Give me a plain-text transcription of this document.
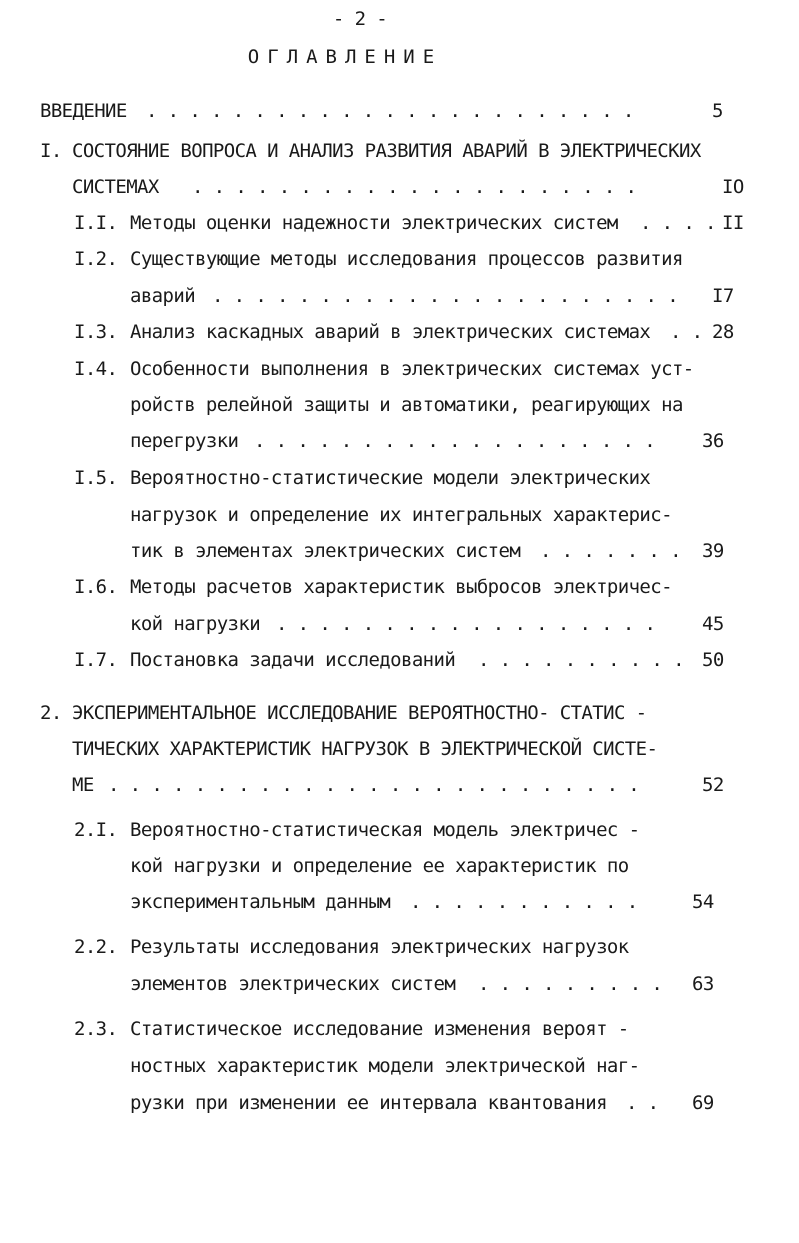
- 2 -
ОГЛАВЛЕНИЕ
ВВЕДЕНИЕ . . . . . . . . . . . . . . . . . . . . . . .	5
I. СОСТОЯНИЕ ВОПРОСА И АНАЛИЗ РАЗВИТИЯ АВАРИЙ В ЭЛЕКТРИЧЕСКИХ
СИСТЕМАХ . . . . . . . . . . . . . . . . . . . . .	IO
I.I. Методы оценки надежности электрических систем . . . . II
I.2. Существующие методы исследования процессов развития
аварий . . . . . . . . . . . . . . . . . . . . . . I7
I.3. Анализ каскадных аварий в электрических системах . . 28
I.4. Особенности выполнения в электрических системах уст-
ройств релейной защиты и автоматики, реагирующих на
перегрузки . . . . . . . . . . . . . . . . . . . 36
I.5. Вероятностно-статистические модели электрических
нагрузок и определение их интегральных характерис-
тик в элементах электрических систем . . . . . . . 39
I.6. Методы расчетов характеристик выбросов электричес-
кой нагрузки . . . . . . . . . . . . . . . . . . 45
I.7. Постановка задачи исследований . . . . . . . . . . 50
2. ЭКСПЕРИМЕНТАЛЬНОЕ ИССЛЕДОВАНИЕ ВЕРОЯТНОСТНО- СТАТИС -
ТИЧЕСКИХ ХАРАКТЕРИСТИК НАГРУЗОК В ЭЛЕКТРИЧЕСКОЙ СИСТЕ-
МЕ . . . . . . . . . . . . . . . . . . . . . . . . .	52
2.I. Вероятностно-статистическая модель электричес -
кой нагрузки и определение ее характеристик по
экспериментальным данным . . . . . . . . . . .	54
2.2. Результаты исследования электрических нагрузок
элементов электрических систем . . . . . . . . . 63
2.3. Статистическое исследование изменения вероят -
ностных характеристик модели электрической наг-
рузки при изменении ее интервала квантования . . 69
